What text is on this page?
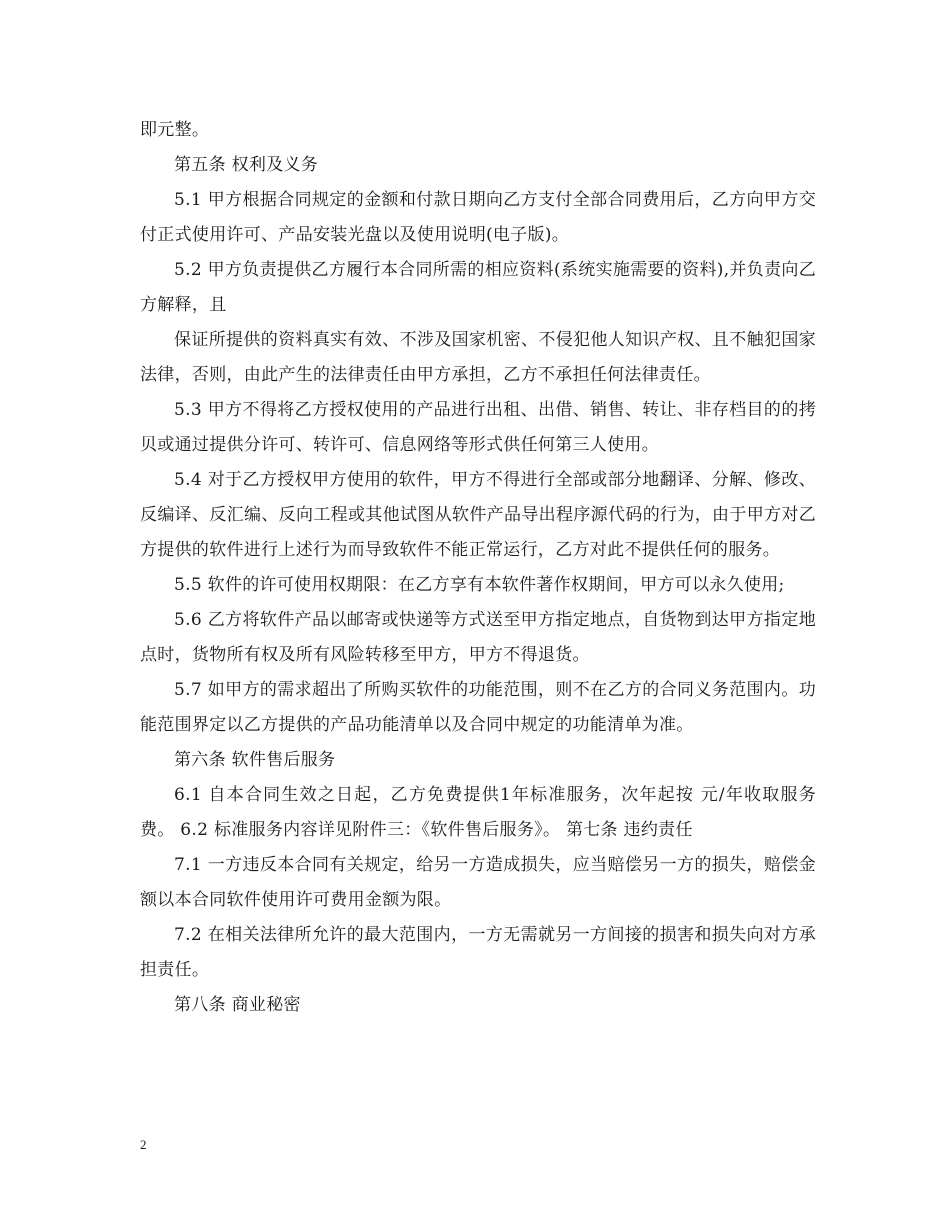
即元整。

第五条 权利及义务

5.1 甲方根据合同规定的金额和付款日期向乙方支付全部合同费用后，乙方向甲方交付正式使用许可、产品安装光盘以及使用说明(电子版)。

5.2 甲方负责提供乙方履行本合同所需的相应资料(系统实施需要的资料),并负责向乙方解释，且

保证所提供的资料真实有效、不涉及国家机密、不侵犯他人知识产权、且不触犯国家法律，否则，由此产生的法律责任由甲方承担，乙方不承担任何法律责任。

5.3 甲方不得将乙方授权使用的产品进行出租、出借、销售、转让、非存档目的的拷贝或通过提供分许可、转许可、信息网络等形式供任何第三人使用。

5.4 对于乙方授权甲方使用的软件，甲方不得进行全部或部分地翻译、分解、修改、反编译、反汇编、反向工程或其他试图从软件产品导出程序源代码的行为，由于甲方对乙方提供的软件进行上述行为而导致软件不能正常运行，乙方对此不提供任何的服务。

5.5 软件的许可使用权期限：在乙方享有本软件著作权期间，甲方可以永久使用;

5.6 乙方将软件产品以邮寄或快递等方式送至甲方指定地点，自货物到达甲方指定地点时，货物所有权及所有风险转移至甲方，甲方不得退货。

5.7 如甲方的需求超出了所购买软件的功能范围，则不在乙方的合同义务范围内。功能范围界定以乙方提供的产品功能清单以及合同中规定的功能清单为准。

第六条 软件售后服务

6.1 自本合同生效之日起，乙方免费提供1年标准服务，次年起按 元/年收取服务费。 6.2 标准服务内容详见附件三：《软件售后服务》。 第七条 违约责任

7.1 一方违反本合同有关规定，给另一方造成损失，应当赔偿另一方的损失，赔偿金额以本合同软件使用许可费用金额为限。

7.2 在相关法律所允许的最大范围内，一方无需就另一方间接的损害和损失向对方承担责任。

第八条 商业秘密

2
